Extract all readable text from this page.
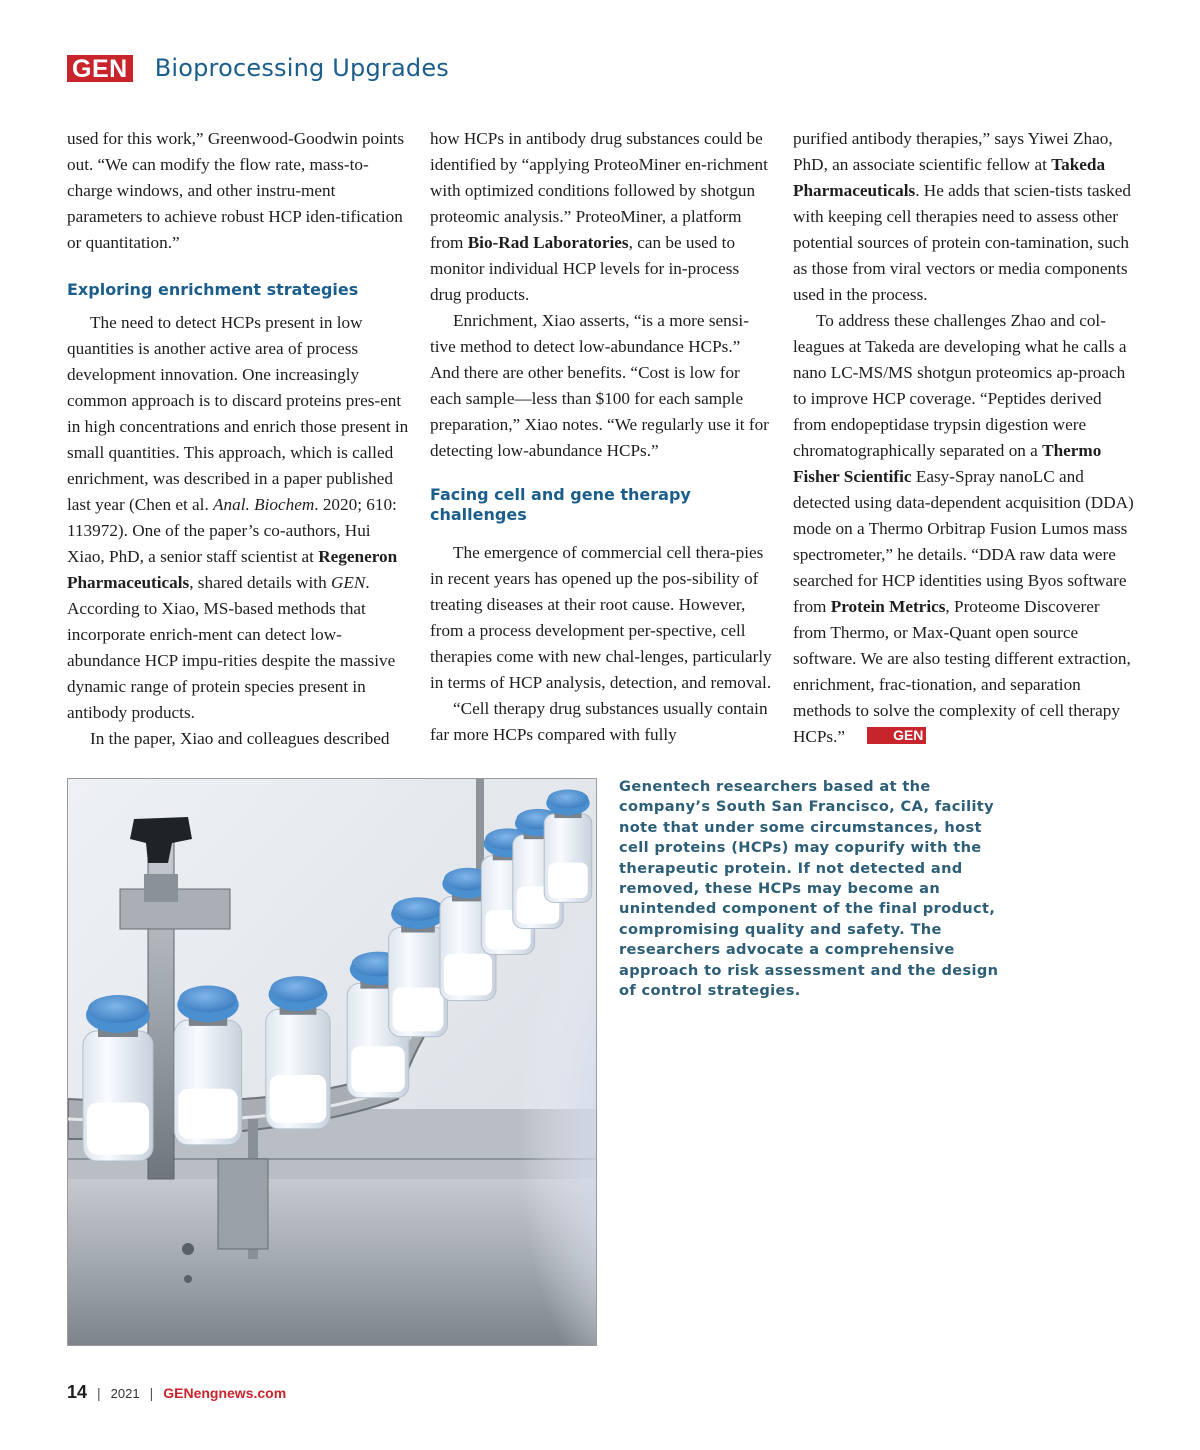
GEN Bioprocessing Upgrades

used for this work,” Greenwood-Goodwin points out. “We can modify the flow rate, mass-to-charge windows, and other instru-ment parameters to achieve robust HCP iden-tification or quantitation.”

Exploring enrichment strategies

The need to detect HCPs present in low quantities is another active area of process development innovation. One increasingly common approach is to discard proteins pres-ent in high concentrations and enrich those present in small quantities. This approach, which is called enrichment, was described in a paper published last year (Chen et al. Anal. Biochem. 2020; 610: 113972). One of the paper’s co-authors, Hui Xiao, PhD, a senior staff scientist at Regeneron Pharmaceuticals, shared details with GEN. According to Xiao, MS-based methods that incorporate enrich-ment can detect low-abundance HCP impu-rities despite the massive dynamic range of protein species present in antibody products.

In the paper, Xiao and colleagues described

how HCPs in antibody drug substances could be identified by “applying ProteoMiner en-richment with optimized conditions followed by shotgun proteomic analysis.” ProteoMiner, a platform from Bio-Rad Laboratories, can be used to monitor individual HCP levels for in-process drug products.

Enrichment, Xiao asserts, “is a more sensi-tive method to detect low-abundance HCPs.” And there are other benefits. “Cost is low for each sample—less than $100 for each sample preparation,” Xiao notes. “We regularly use it for detecting low-abundance HCPs.”

Facing cell and gene therapy challenges

The emergence of commercial cell thera-pies in recent years has opened up the pos-sibility of treating diseases at their root cause. However, from a process development per-spective, cell therapies come with new chal-lenges, particularly in terms of HCP analysis, detection, and removal.

“Cell therapy drug substances usually contain far more HCPs compared with fully

purified antibody therapies,” says Yiwei Zhao, PhD, an associate scientific fellow at Takeda Pharmaceuticals. He adds that scien-tists tasked with keeping cell therapies need to assess other potential sources of protein con-tamination, such as those from viral vectors or media components used in the process.

To address these challenges Zhao and col-leagues at Takeda are developing what he calls a nano LC-MS/MS shotgun proteomics ap-proach to improve HCP coverage. “Peptides derived from endopeptidase trypsin digestion were chromatographically separated on a Thermo Fisher Scientific Easy-Spray nanoLC and detected using data-dependent acquisition (DDA) mode on a Thermo Orbitrap Fusion Lumos mass spectrometer,” he details. “DDA raw data were searched for HCP identities using Byos software from Protein Metrics, Proteome Discoverer from Thermo, or Max-Quant open source software. We are also testing different extraction, enrichment, frac-tionation, and separation methods to solve the complexity of cell therapy HCPs.”	GEN

Genentech researchers based at the company’s South San Francisco, CA, facility note that under some circumstances, host cell proteins (HCPs) may copurify with the therapeutic protein. If not detected and removed, these HCPs may become an unintended component of the final product, compromising quality and safety. The researchers advocate a comprehensive approach to risk assessment and the design of control strategies.
14 | 2021 | GENengnews.com
